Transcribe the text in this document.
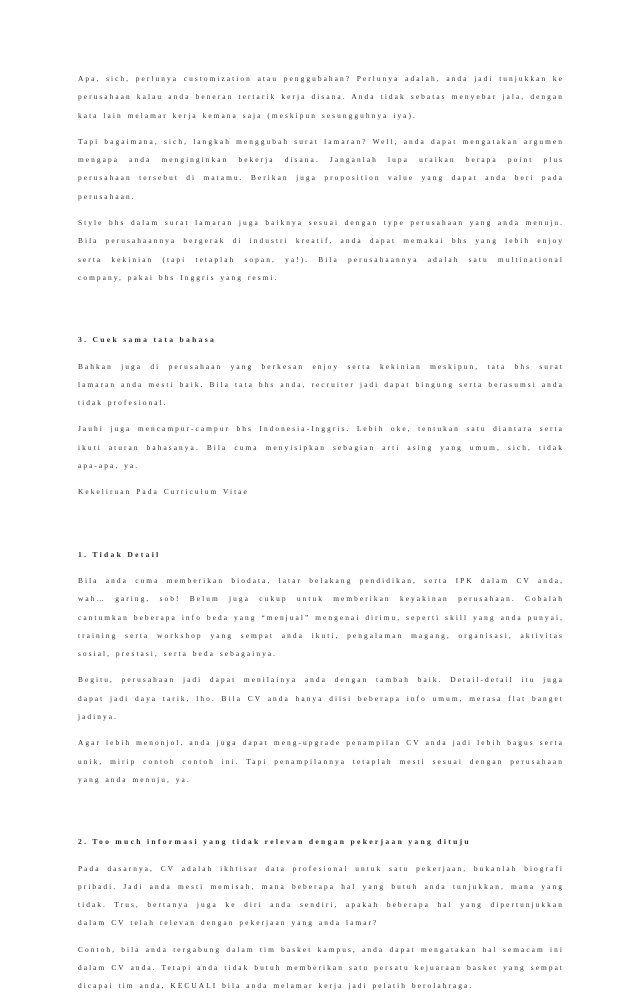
Apa, sich, perlunya customization atau penggubahan? Perlunya adalah, anda jadi tunjukkan ke perusahaan kalau anda beneran tertarik kerja disana. Anda tidak sebatas menyebar jala, dengan kata lain melamar kerja kemana saja (meskipun sesungguhnya iya).

Tapi bagaimana, sich, langkah menggubah surat lamaran? Well, anda dapat mengatakan argumen mengapa anda menginginkan bekerja disana. Janganlah lupa uraikan berapa point plus perusahaan tersebut di matamu. Berikan juga proposition value yang dapat anda beri pada perusahaan.

Style bhs dalam surat lamaran juga baiknya sesuai dengan type perusahaan yang anda menuju. Bila perusahaannya bergerak di industri kreatif, anda dapat memakai bhs yang lebih enjoy serta kekinian (tapi tetaplah sopan, ya!). Bila perusahaannya adalah satu multinational company, pakai bhs Inggris yang resmi.

3. Cuek sama tata bahasa

Bahkan juga di perusahaan yang berkesan enjoy serta kekinian meskipun, tata bhs surat lamaran anda mesti baik. Bila tata bhs anda, recruiter jadi dapat bingung serta berasumsi anda tidak profesional.

Jauhi juga mencampur-campur bhs Indonesia-Inggris. Lebih oke, tentukan satu diantara serta ikuti aturan bahasanya. Bila cuma menyisipkan sebagian arti asing yang umum, sich, tidak apa-apa, ya.

Kekeliruan Pada Curriculum Vitae

1. Tidak Detail

Bila anda cuma memberikan biodata, latar belakang pendidikan, serta IPK dalam CV anda, wah… garing, sob! Belum juga cukup untuk memberikan keyakinan perusahaan. Cobalah cantumkan beberapa info beda yang “menjual” mengenai dirimu, seperti skill yang anda punyai, training serta workshop yang sempat anda ikuti, pengalaman magang, organisasi, aktivitas sosial, prestasi, serta beda sebagainya.

Begitu, perusahaan jadi dapat menilainya anda dengan tambah baik. Detail-detail itu juga dapat jadi daya tarik, lho. Bila CV anda hanya diisi beberapa info umum, merasa flat banget jadinya.

Agar lebih menonjol, anda juga dapat meng-upgrade penampilan CV anda jadi lebih bagus serta unik, mirip contoh contoh ini. Tapi penampilannya tetaplah mesti sesuai dengan perusahaan yang anda menuju, ya.

2. Too much informasi yang tidak relevan dengan pekerjaan yang dituju

Pada dasarnya, CV adalah ikhtisar data profesional untuk satu pekerjaan, bukanlah biografi pribadi. Jadi anda mesti memisah, mana beberapa hal yang butuh anda tunjukkan, mana yang tidak. Trus, bertanya juga ke diri anda sendiri, apakah beberapa hal yang dipertunjukkan dalam CV telah relevan dengan pekerjaan yang anda lamar?

Contoh, bila anda tergabung dalam tim basket kampus, anda dapat mengatakan hal semacam ini dalam CV anda. Tetapi anda tidak butuh memberikan satu persatu kejuaraan basket yang sempat dicapai tim anda, KECUALI bila anda melamar kerja jadi pelatih berolahraga.
